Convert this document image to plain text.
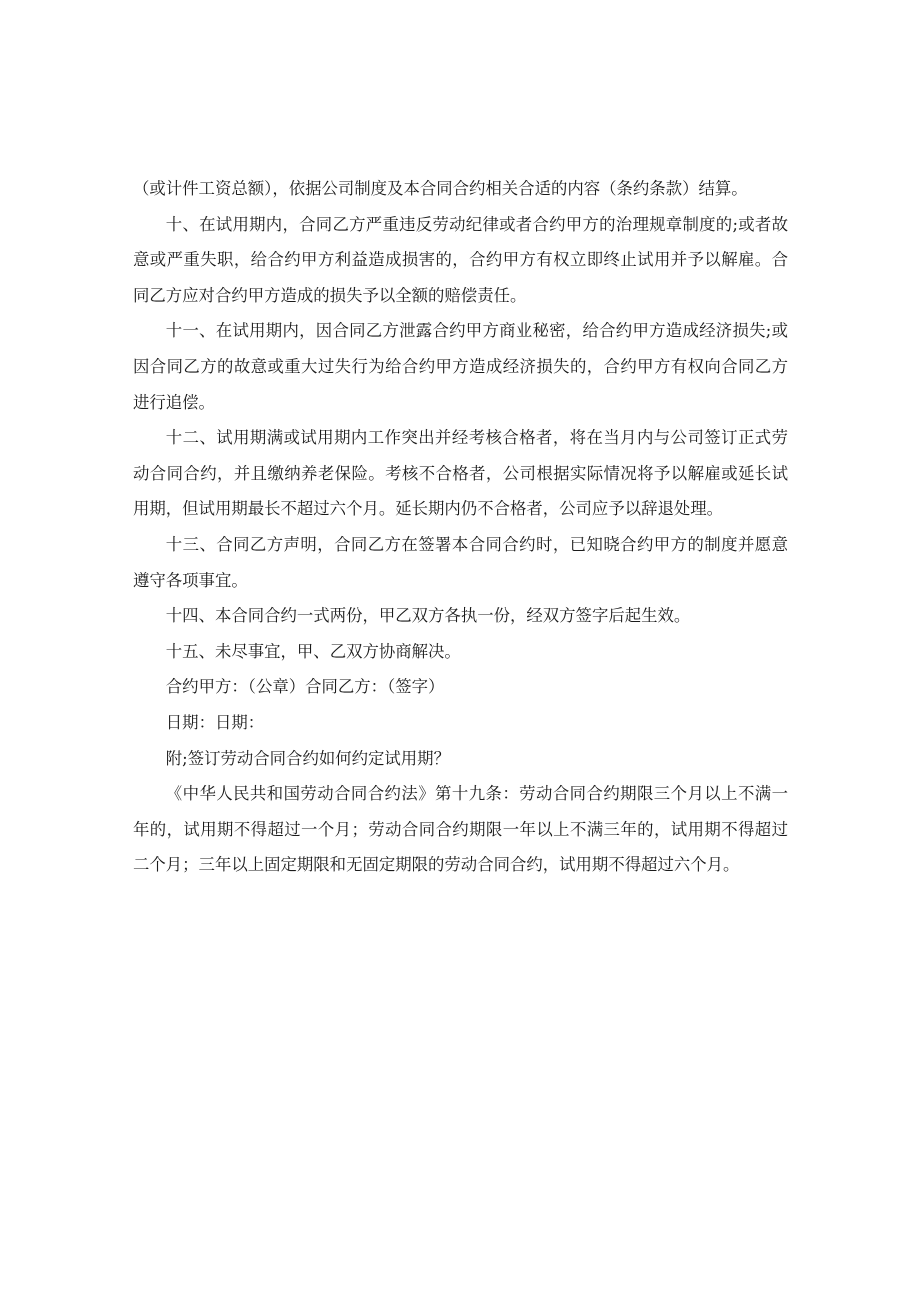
（或计件工资总额），依据公司制度及本合同合约相关合适的内容（条约条款）结算。

十、在试用期内，合同乙方严重违反劳动纪律或者合约甲方的治理规章制度的;或者故意或严重失职，给合约甲方利益造成损害的，合约甲方有权立即终止试用并予以解雇。合同乙方应对合约甲方造成的损失予以全额的赔偿责任。

十一、在试用期内，因合同乙方泄露合约甲方商业秘密，给合约甲方造成经济损失;或因合同乙方的故意或重大过失行为给合约甲方造成经济损失的，合约甲方有权向合同乙方进行追偿。

十二、试用期满或试用期内工作突出并经考核合格者，将在当月内与公司签订正式劳动合同合约，并且缴纳养老保险。考核不合格者，公司根据实际情况将予以解雇或延长试用期，但试用期最长不超过六个月。延长期内仍不合格者，公司应予以辞退处理。

十三、合同乙方声明，合同乙方在签署本合同合约时，已知晓合约甲方的制度并愿意遵守各项事宜。

十四、本合同合约一式两份，甲乙双方各执一份，经双方签字后起生效。

十五、未尽事宜，甲、乙双方协商解决。

合约甲方：（公章）合同乙方：（签字）

日期：日期：

附;签订劳动合同合约如何约定试用期？

《中华人民共和国劳动合同合约法》第十九条：劳动合同合约期限三个月以上不满一年的，试用期不得超过一个月；劳动合同合约期限一年以上不满三年的，试用期不得超过二个月；三年以上固定期限和无固定期限的劳动合同合约，试用期不得超过六个月。
